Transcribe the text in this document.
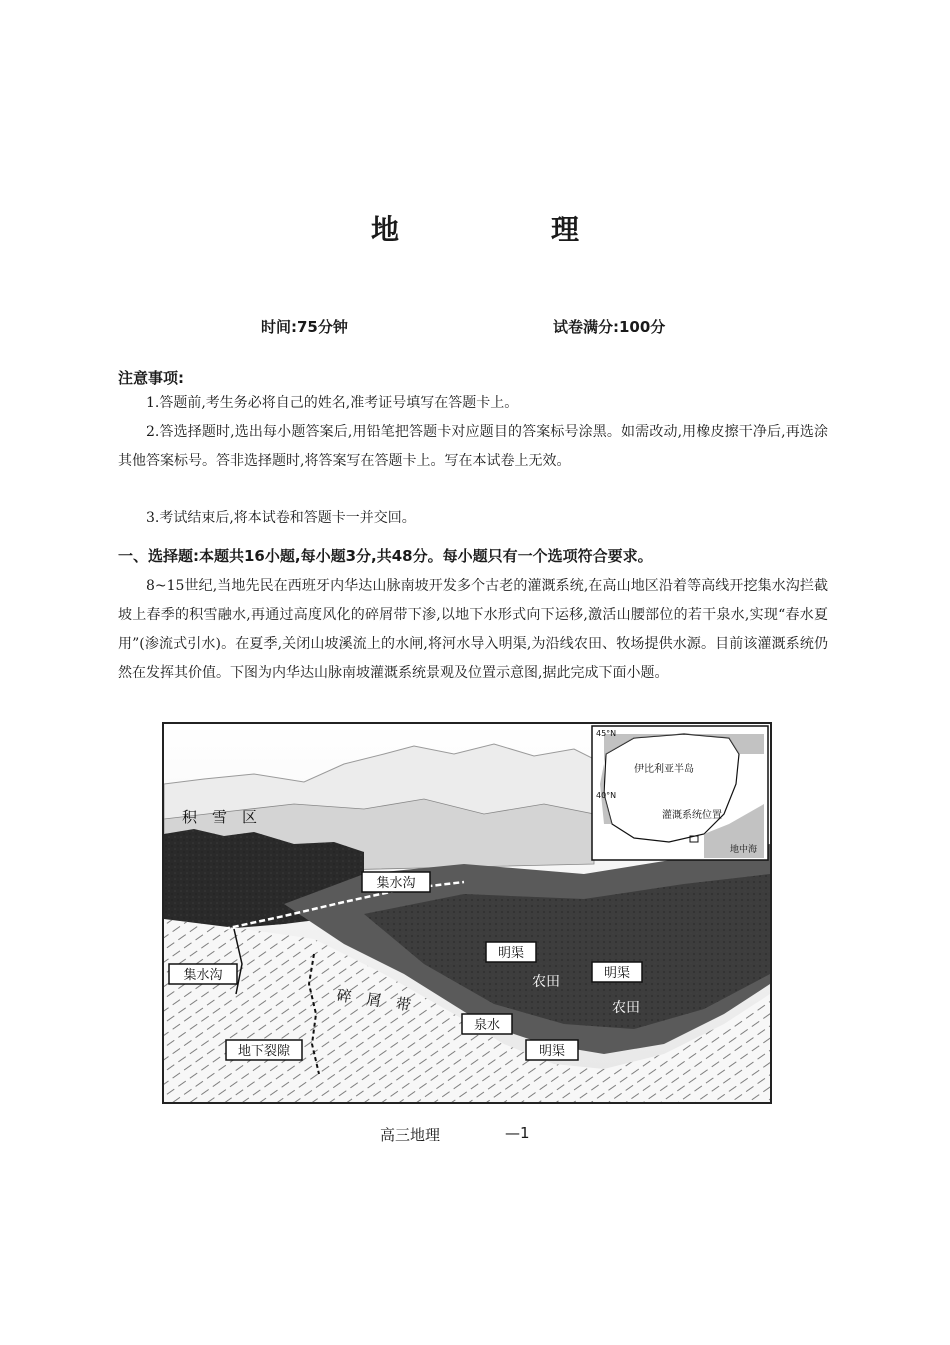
地　理
时间:75分钟	试卷满分:100分
注意事项:
1.答题前,考生务必将自己的姓名,准考证号填写在答题卡上。
2.答选择题时,选出每小题答案后,用铅笔把答题卡对应题目的答案标号涂黑。如需改动,用橡皮擦干净后,再选涂其他答案标号。答非选择题时,将答案写在答题卡上。写在本试卷上无效。
3.考试结束后,将本试卷和答题卡一并交回。
一、选择题:本题共16小题,每小题3分,共48分。每小题只有一个选项符合要求。
8~15世纪,当地先民在西班牙内华达山脉南坡开发多个古老的灌溉系统,在高山地区沿着等高线开挖集水沟拦截坡上春季的积雪融水,再通过高度风化的碎屑带下渗,以地下水形式向下运移,激活山腰部位的若干泉水,实现“春水夏用”(渗流式引水)。在夏季,关闭山坡溪流上的水闸,将河水导入明渠,为沿线农田、牧场提供水源。目前该灌溉系统仍然在发挥其价值。下图为内华达山脉南坡灌溉系统景观及位置示意图,据此完成下面小题。
集水沟
集水沟
明渠
明渠
明渠
泉水
地下裂隙
积　雪　区
农田
农田
碎　屑　带
45°N
40°N
伊比利亚半岛
灌溉系统位置
地中海
高三地理	—1
